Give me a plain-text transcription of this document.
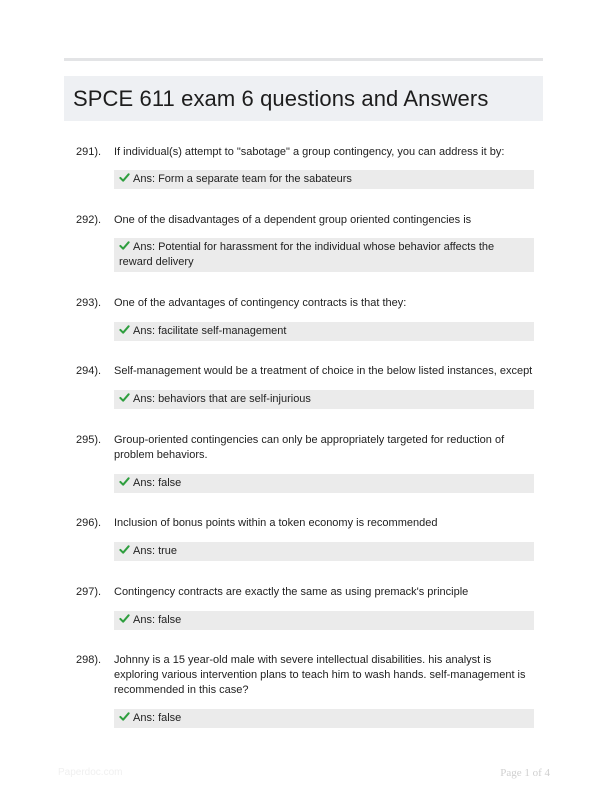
SPCE 611 exam 6 questions and Answers
291). If individual(s) attempt to "sabotage" a group contingency, you can address it by:
Ans: Form a separate team for the sabateurs
292). One of the disadvantages of a dependent group oriented contingencies is
Ans: Potential for harassment for the individual whose behavior affects the reward delivery
293). One of the advantages of contingency contracts is that they:
Ans: facilitate self-management
294). Self-management would be a treatment of choice in the below listed instances, except
Ans: behaviors that are self-injurious
295). Group-oriented contingencies can only be appropriately targeted for reduction of problem behaviors.
Ans: false
296). Inclusion of bonus points within a token economy is recommended
Ans: true
297). Contingency contracts are exactly the same as using premack's principle
Ans: false
298). Johnny is a 15 year-old male with severe intellectual disabilities. his analyst is exploring various intervention plans to teach him to wash hands. self-management is recommended in this case?
Ans: false
Paperdoc.com	Page 1 of 4
